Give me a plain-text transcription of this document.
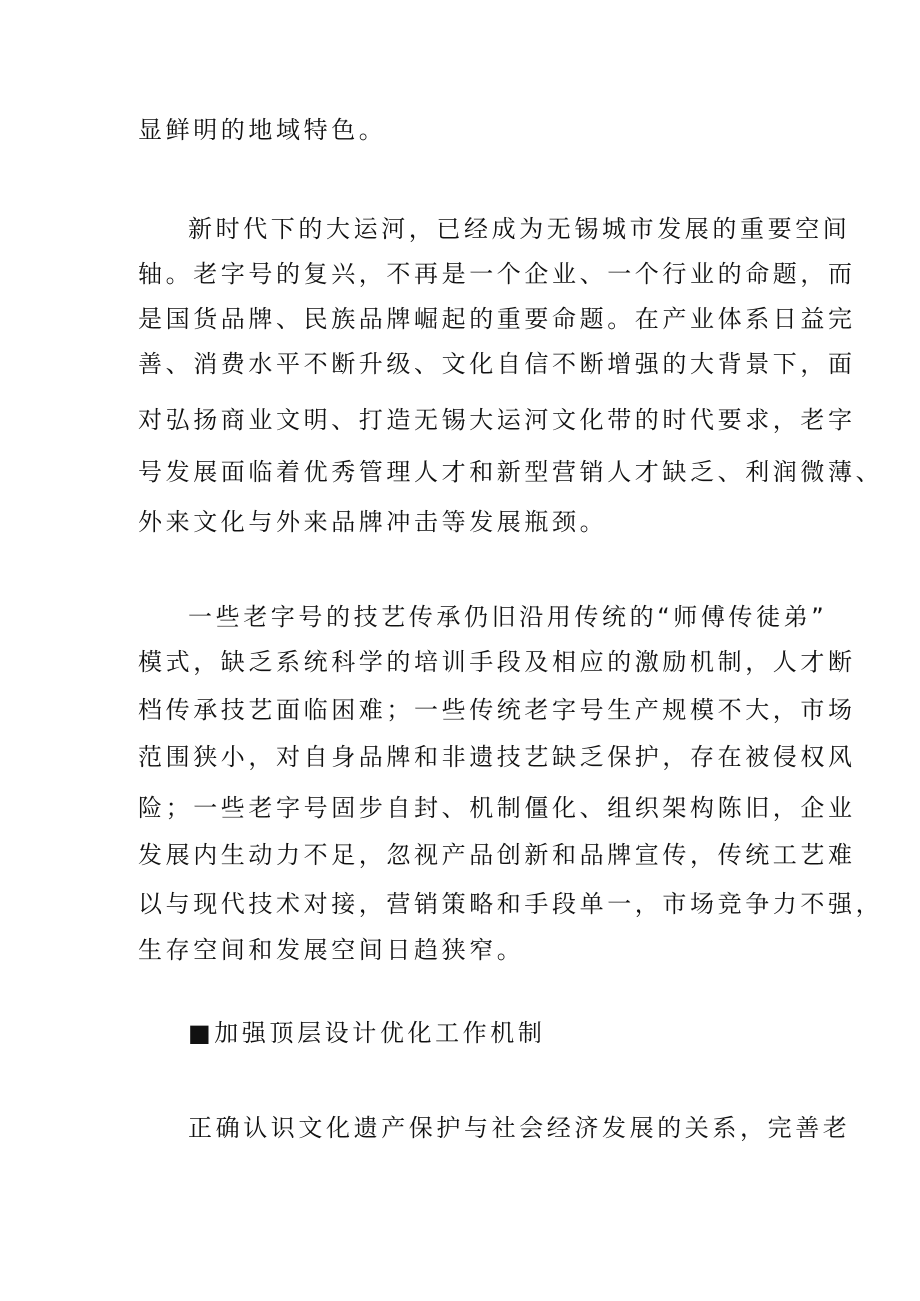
显鲜明的地域特色。

新时代下的大运河，已经成为无锡城市发展的重要空间

轴。老字号的复兴，不再是一个企业、一个行业的命题，而

是国货品牌、民族品牌崛起的重要命题。在产业体系日益完

善、消费水平不断升级、文化自信不断增强的大背景下，面

对弘扬商业文明、打造无锡大运河文化带的时代要求，老字

号发展面临着优秀管理人才和新型营销人才缺乏、利润微薄、

外来文化与外来品牌冲击等发展瓶颈。

一些老字号的技艺传承仍旧沿用传统的“师傅传徒弟”

模式，缺乏系统科学的培训手段及相应的激励机制，人才断

档传承技艺面临困难；一些传统老字号生产规模不大，市场

范围狭小，对自身品牌和非遗技艺缺乏保护，存在被侵权风

险；一些老字号固步自封、机制僵化、组织架构陈旧，企业

发展内生动力不足，忽视产品创新和品牌宣传，传统工艺难

以与现代技术对接，营销策略和手段单一，市场竞争力不强，

生存空间和发展空间日趋狭窄。

■加强顶层设计优化工作机制

正确认识文化遗产保护与社会经济发展的关系，完善老
